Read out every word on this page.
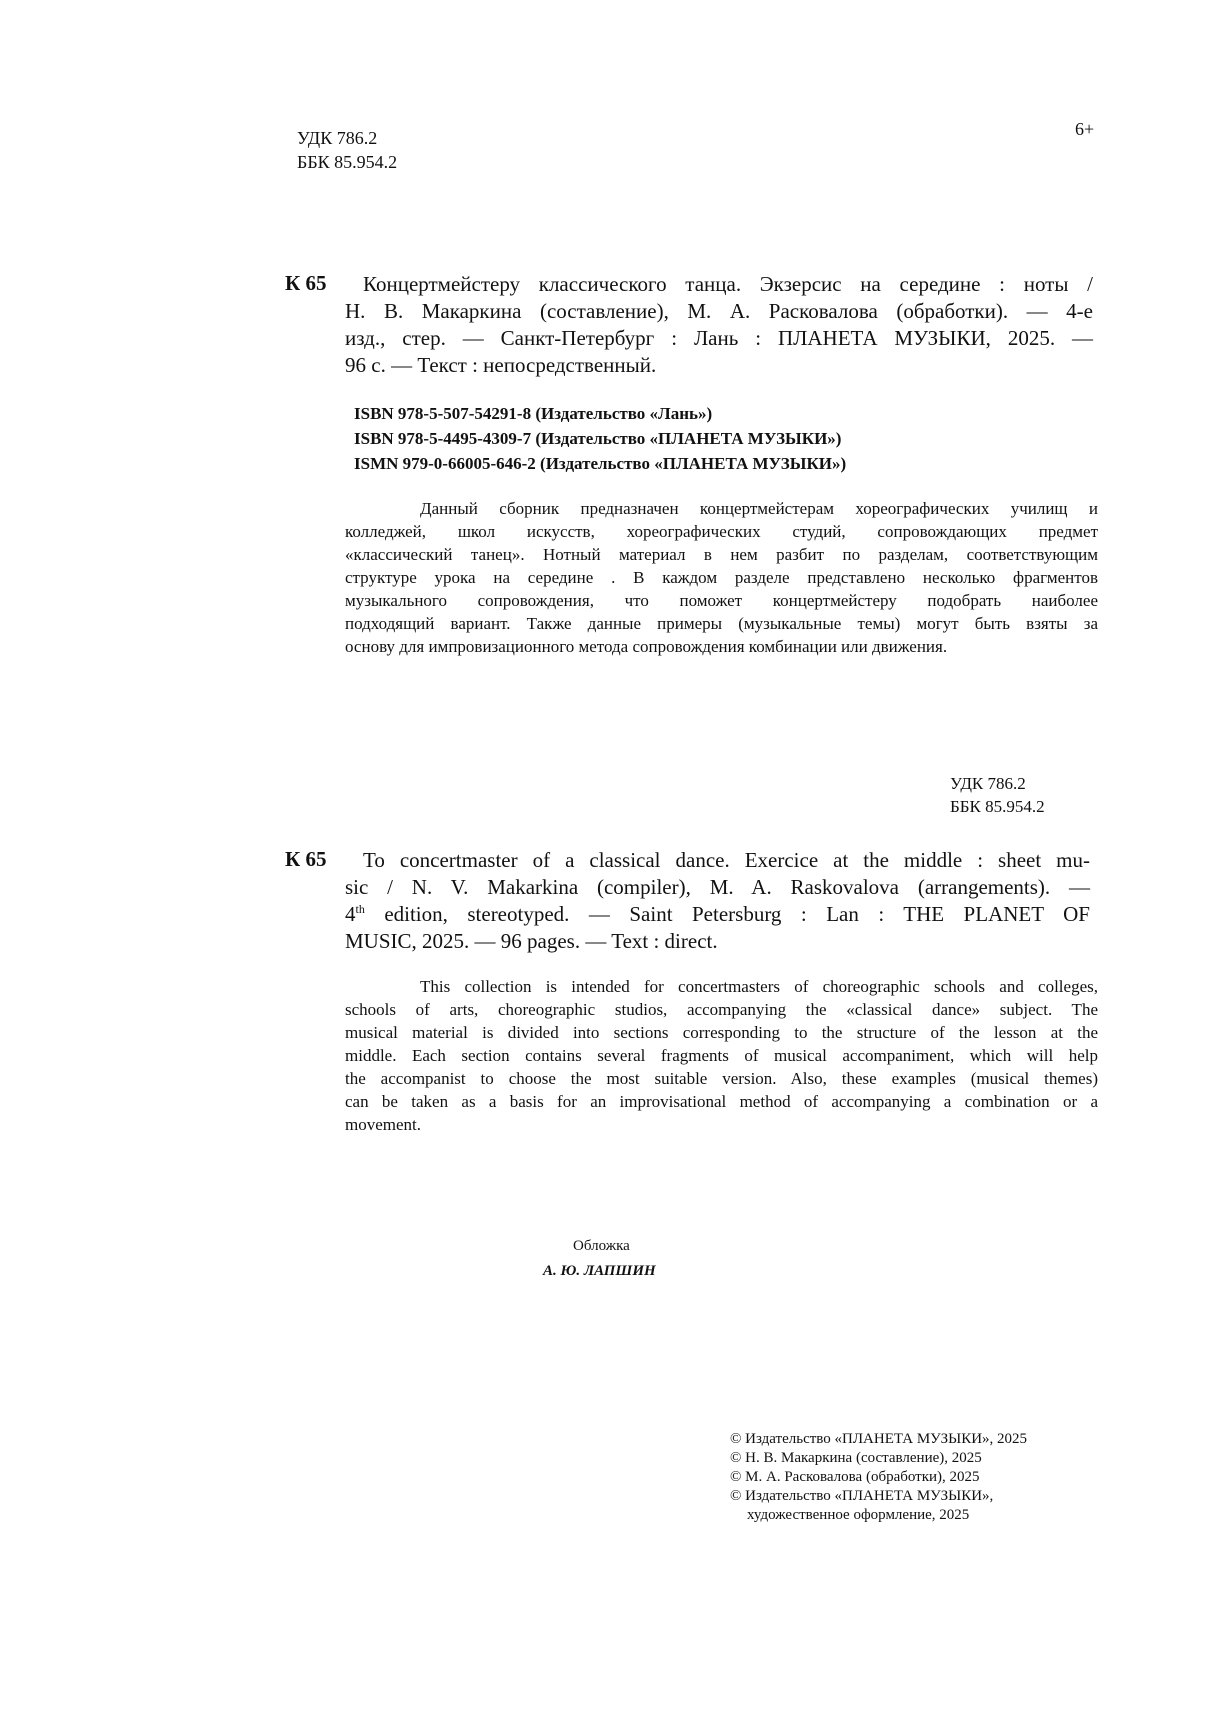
УДК 786.2
ББК 85.954.2
6+
К 65 Концертмейстеру классического танца. Экзерсис на середине : ноты /
Н. В. Макаркина (составление), М. А. Расковалова (обработки). — 4-е
изд., стер. — Санкт-Петербург : Лань : ПЛАНЕТА МУЗЫКИ, 2025. —
96 с. — Текст : непосредственный.
ISBN 978-5-507-54291-8 (Издательство «Лань»)
ISBN 978-5-4495-4309-7 (Издательство «ПЛАНЕТА МУЗЫКИ»)
ISMN 979-0-66005-646-2 (Издательство «ПЛАНЕТА МУЗЫКИ»)
Данный сборник предназначен концертмейстерам хореографических училищ и
колледжей, школ искусств, хореографических студий, сопровождающих предмет
«классический танец». Нотный материал в нем разбит по разделам, соответствующим
структуре урока на середине . В каждом разделе представлено несколько фрагментов
музыкального сопровождения, что поможет концертмейстеру подобрать наиболее
подходящий вариант. Также данные примеры (музыкальные темы) могут быть взяты за
основу для импровизационного метода сопровождения комбинации или движения.
УДК 786.2
ББК 85.954.2
К 65 To concertmaster of a classical dance. Exercice at the middle : sheet mu-
sic / N. V. Makarkina (compiler), M. A. Raskovalova (arrangements). —
4th edition, stereotyped. — Saint Petersburg : Lan : THE PLANET OF
MUSIC, 2025. — 96 pages. — Text : direct.
This collection is intended for concertmasters of choreographic schools and colleges,
schools of arts, choreographic studios, accompanying the «classical dance» subject. The
musical material is divided into sections corresponding to the structure of the lesson at the
middle. Each section contains several fragments of musical accompaniment, which will help
the accompanist to choose the most suitable version. Also, these examples (musical themes)
can be taken as a basis for an improvisational method of accompanying a combination or a
movement.
Обложка
А. Ю. ЛАПШИН
© Издательство «ПЛАНЕТА МУЗЫКИ», 2025
© Н. В. Макаркина (составление), 2025
© М. А. Расковалова (обработки), 2025
© Издательство «ПЛАНЕТА МУЗЫКИ»,
художественное оформление, 2025
